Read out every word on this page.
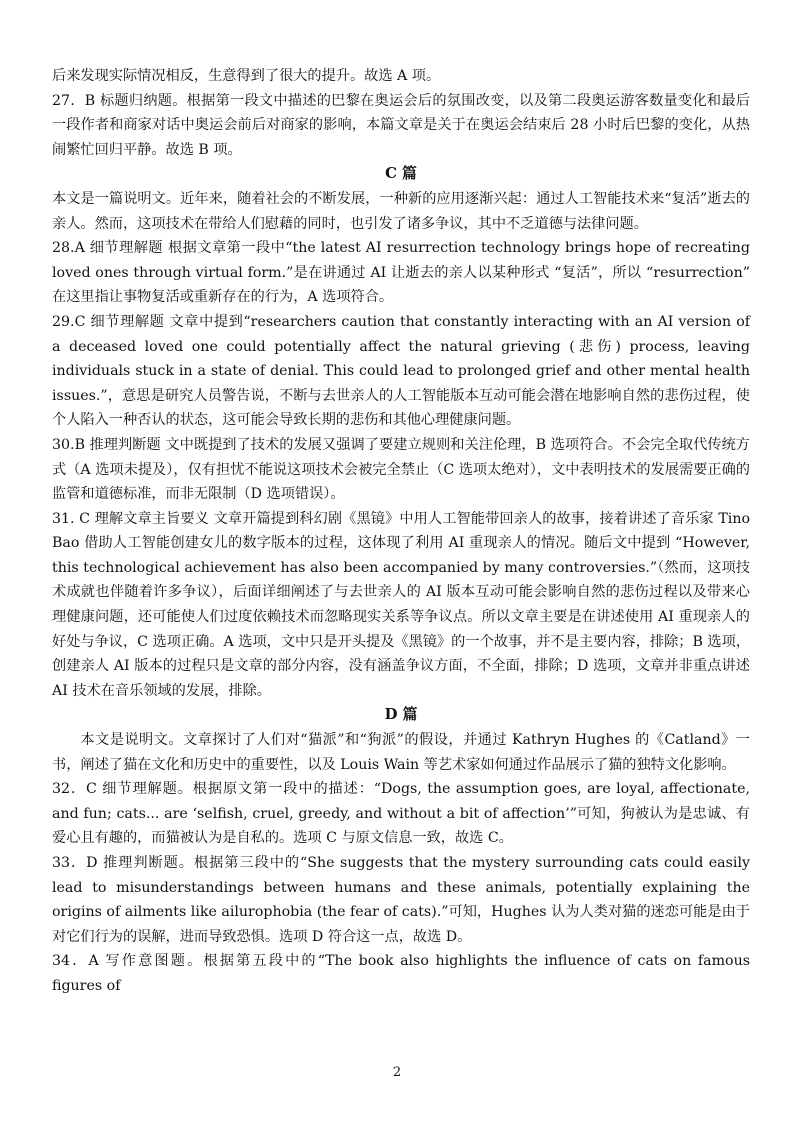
后来发现实际情况相反，生意得到了很大的提升。故选 A 项。

27．B 标题归纳题。根据第一段文中描述的巴黎在奥运会后的氛围改变，以及第二段奥运游客数量变化和最后一段作者和商家对话中奥运会前后对商家的影响，本篇文章是关于在奥运会结束后 28 小时后巴黎的变化，从热闹繁忙回归平静。故选 B 项。

C 篇

本文是一篇说明文。近年来，随着社会的不断发展，一种新的应用逐渐兴起：通过人工智能技术来“复活”逝去的亲人。然而，这项技术在带给人们慰藉的同时，也引发了诸多争议，其中不乏道德与法律问题。

28.A 细节理解题 根据文章第一段中“the latest AI resurrection technology brings hope of recreating loved ones through virtual form.”是在讲通过 AI 让逝去的亲人以某种形式 “复活”，所以 “resurrection” 在这里指让事物复活或重新存在的行为，A 选项符合。

29.C 细节理解题 文章中提到“researchers caution that constantly interacting with an AI version of a deceased loved one could potentially affect the natural grieving (悲伤) process, leaving individuals stuck in a state of denial. This could lead to prolonged grief and other mental health issues.”，意思是研究人员警告说，不断与去世亲人的人工智能版本互动可能会潜在地影响自然的悲伤过程，使个人陷入一种否认的状态，这可能会导致长期的悲伤和其他心理健康问题。

30.B 推理判断题 文中既提到了技术的发展又强调了要建立规则和关注伦理，B 选项符合。不会完全取代传统方式（A 选项未提及），仅有担忧不能说这项技术会被完全禁止（C 选项太绝对），文中表明技术的发展需要正确的监管和道德标准，而非无限制（D 选项错误）。

31. C 理解文章主旨要义 文章开篇提到科幻剧《黑镜》中用人工智能带回亲人的故事，接着讲述了音乐家 Tino Bao 借助人工智能创建女儿的数字版本的过程，这体现了利用 AI 重现亲人的情况。随后文中提到 “However, this technological achievement has also been accompanied by many controversies.”（然而，这项技术成就也伴随着许多争议），后面详细阐述了与去世亲人的 AI 版本互动可能会影响自然的悲伤过程以及带来心理健康问题，还可能使人们过度依赖技术而忽略现实关系等争议点。所以文章主要是在讲述使用 AI 重现亲人的好处与争议，C 选项正确。A 选项，文中只是开头提及《黑镜》的一个故事，并不是主要内容，排除；B 选项，创建亲人 AI 版本的过程只是文章的部分内容，没有涵盖争议方面，不全面，排除；D 选项，文章并非重点讲述 AI 技术在音乐领域的发展，排除。

D 篇

本文是说明文。文章探讨了人们对“猫派”和“狗派”的假设，并通过 Kathryn Hughes 的《Catland》一书，阐述了猫在文化和历史中的重要性，以及 Louis Wain 等艺术家如何通过作品展示了猫的独特文化影响。

32．C 细节理解题。根据原文第一段中的描述：“Dogs, the assumption goes, are loyal, affectionate, and fun; cats... are ‘selfish, cruel, greedy, and without a bit of affection’”可知，狗被认为是忠诚、有爱心且有趣的，而猫被认为是自私的。选项 C 与原文信息一致，故选 C。

33．D 推理判断题。根据第三段中的“She suggests that the mystery surrounding cats could easily lead to misunderstandings between humans and these animals, potentially explaining the origins of ailments like ailurophobia (the fear of cats).”可知，Hughes 认为人类对猫的迷恋可能是由于对它们行为的误解，进而导致恐惧。选项 D 符合这一点，故选 D。

34．A 写作意图题。根据第五段中的“The book also highlights the influence of cats on famous figures of

2
